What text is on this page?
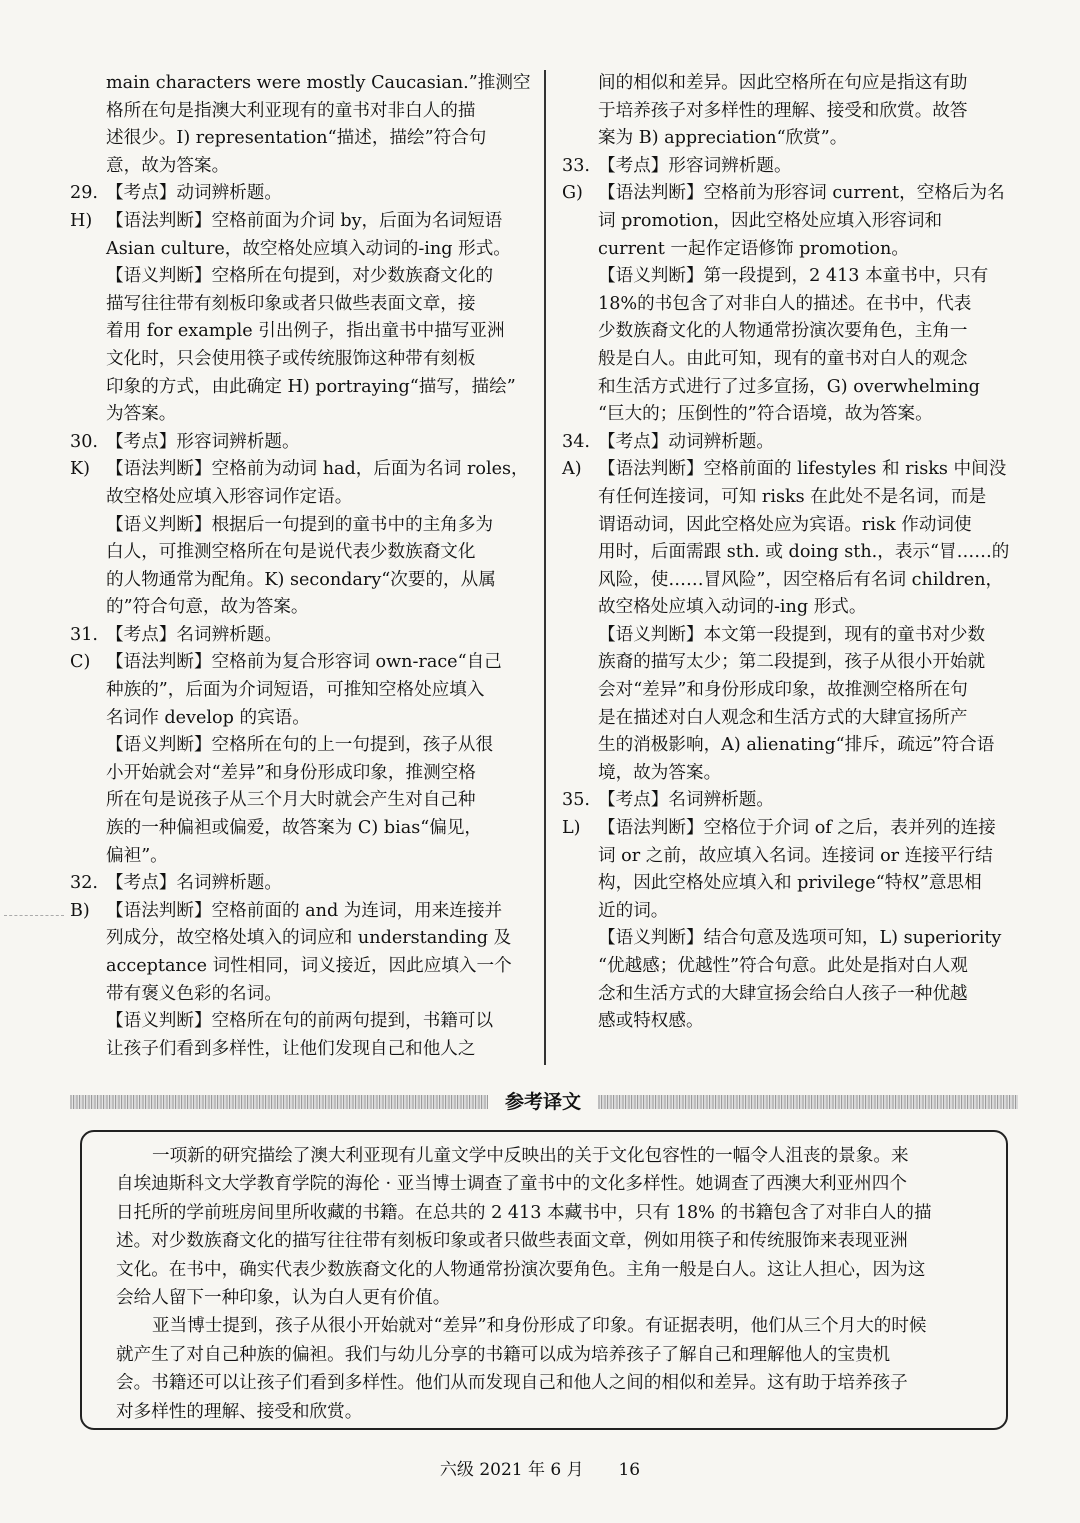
main characters were mostly Caucasian.”推测空
格所在句是指澳大利亚现有的童书对非白人的描
述很少。I) representation“描述，描绘”符合句
意，故为答案。
29. 【考点】动词辨析题。
H) 【语法判断】空格前面为介词 by，后面为名词短语
Asian culture，故空格处应填入动词的-ing 形式。
【语义判断】空格所在句提到，对少数族裔文化的
描写往往带有刻板印象或者只做些表面文章，接
着用 for example 引出例子，指出童书中描写亚洲
文化时，只会使用筷子或传统服饰这种带有刻板
印象的方式，由此确定 H) portraying“描写，描绘”
为答案。
30. 【考点】形容词辨析题。
K) 【语法判断】空格前为动词 had，后面为名词 roles，
故空格处应填入形容词作定语。
【语义判断】根据后一句提到的童书中的主角多为
白人，可推测空格所在句是说代表少数族裔文化
的人物通常为配角。K) secondary“次要的，从属
的”符合句意，故为答案。
31. 【考点】名词辨析题。
C) 【语法判断】空格前为复合形容词 own-race“自己
种族的”，后面为介词短语，可推知空格处应填入
名词作 develop 的宾语。
【语义判断】空格所在句的上一句提到，孩子从很
小开始就会对“差异”和身份形成印象，推测空格
所在句是说孩子从三个月大时就会产生对自己种
族的一种偏袒或偏爱，故答案为 C) bias“偏见，
偏袒”。
32. 【考点】名词辨析题。
B) 【语法判断】空格前面的 and 为连词，用来连接并
列成分，故空格处填入的词应和 understanding 及
acceptance 词性相同，词义接近，因此应填入一个
带有褒义色彩的名词。
【语义判断】空格所在句的前两句提到，书籍可以
让孩子们看到多样性，让他们发现自己和他人之
间的相似和差异。因此空格所在句应是指这有助
于培养孩子对多样性的理解、接受和欣赏。故答
案为 B) appreciation“欣赏”。
33. 【考点】形容词辨析题。
G) 【语法判断】空格前为形容词 current，空格后为名
词 promotion，因此空格处应填入形容词和
current 一起作定语修饰 promotion。
【语义判断】第一段提到，2 413 本童书中，只有
18%的书包含了对非白人的描述。在书中，代表
少数族裔文化的人物通常扮演次要角色，主角一
般是白人。由此可知，现有的童书对白人的观念
和生活方式进行了过多宣扬，G) overwhelming
“巨大的；压倒性的”符合语境，故为答案。
34. 【考点】动词辨析题。
A) 【语法判断】空格前面的 lifestyles 和 risks 中间没
有任何连接词，可知 risks 在此处不是名词，而是
谓语动词，因此空格处应为宾语。risk 作动词使
用时，后面需跟 sth. 或 doing sth.，表示“冒……的
风险，使……冒风险”，因空格后有名词 children，
故空格处应填入动词的-ing 形式。
【语义判断】本文第一段提到，现有的童书对少数
族裔的描写太少；第二段提到，孩子从很小开始就
会对“差异”和身份形成印象，故推测空格所在句
是在描述对白人观念和生活方式的大肆宣扬所产
生的消极影响，A) alienating“排斥，疏远”符合语
境，故为答案。
35. 【考点】名词辨析题。
L) 【语法判断】空格位于介词 of 之后，表并列的连接
词 or 之前，故应填入名词。连接词 or 连接平行结
构，因此空格处应填入和 privilege“特权”意思相
近的词。
【语义判断】结合句意及选项可知，L) superiority
“优越感；优越性”符合句意。此处是指对白人观
念和生活方式的大肆宣扬会给白人孩子一种优越
感或特权感。
参考译文
一项新的研究描绘了澳大利亚现有儿童文学中反映出的关于文化包容性的一幅令人沮丧的景象。来
自埃迪斯科文大学教育学院的海伦 · 亚当博士调查了童书中的文化多样性。她调查了西澳大利亚州四个
日托所的学前班房间里所收藏的书籍。在总共的 2 413 本藏书中，只有 18% 的书籍包含了对非白人的描
述。对少数族裔文化的描写往往带有刻板印象或者只做些表面文章，例如用筷子和传统服饰来表现亚洲
文化。在书中，确实代表少数族裔文化的人物通常扮演次要角色。主角一般是白人。这让人担心，因为这
会给人留下一种印象，认为白人更有价值。
亚当博士提到，孩子从很小开始就对“差异”和身份形成了印象。有证据表明，他们从三个月大的时候
就产生了对自己种族的偏袒。我们与幼儿分享的书籍可以成为培养孩子了解自己和理解他人的宝贵机
会。书籍还可以让孩子们看到多样性。他们从而发现自己和他人之间的相似和差异。这有助于培养孩子
对多样性的理解、接受和欣赏。
六级 2021 年 6 月 16
